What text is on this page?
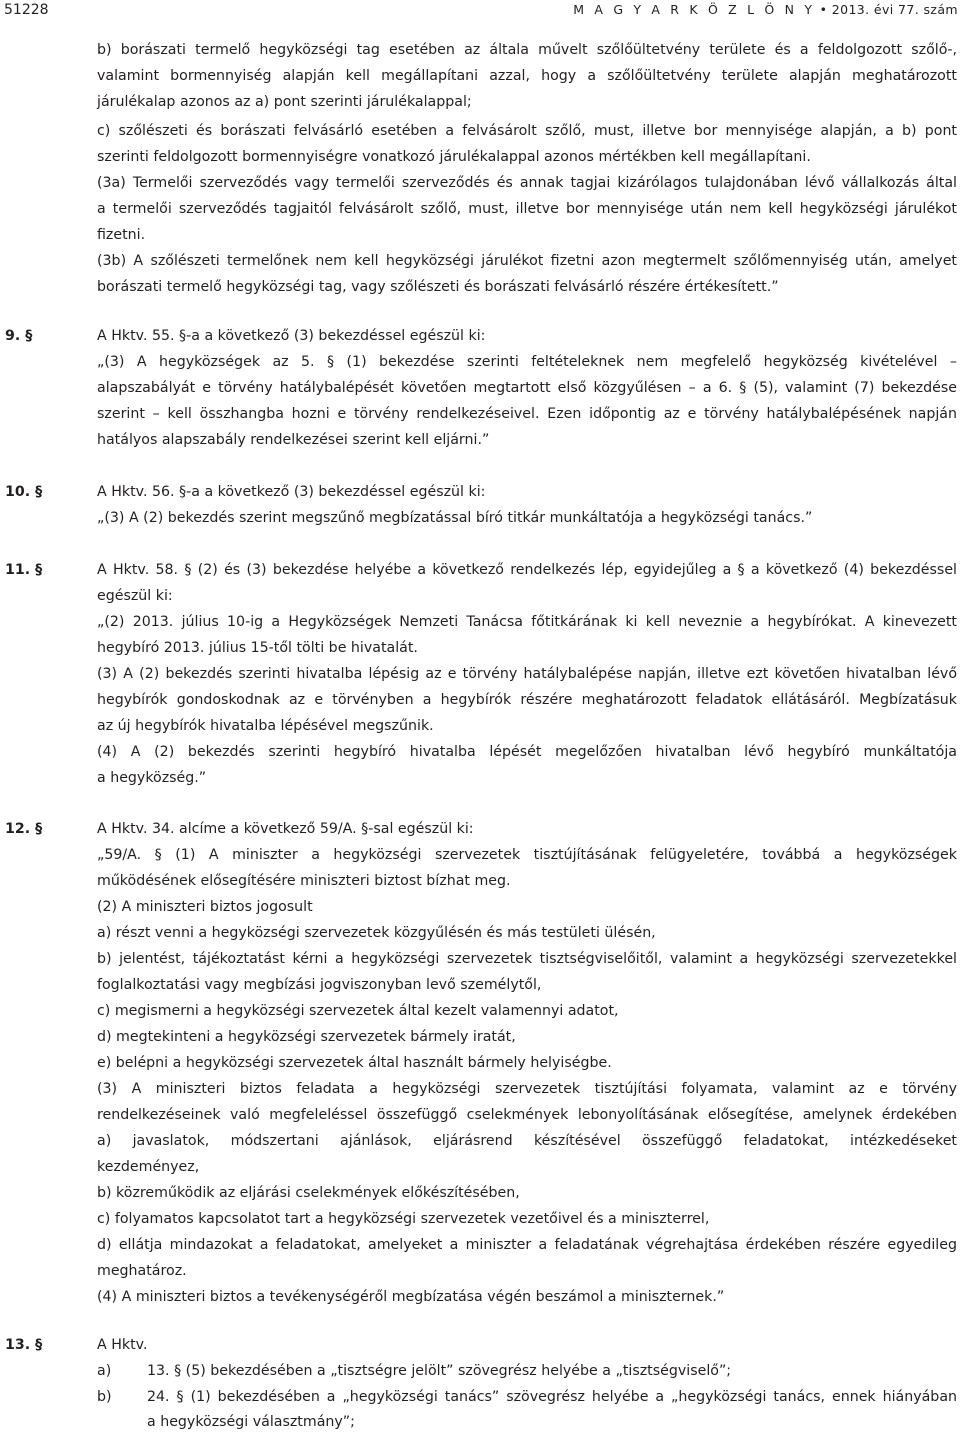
51228	M A G Y A R K Ö Z L Ö N Y • 2013. évi 77. szám

b) borászati termelő hegyközségi tag esetében az általa művelt szőlőültetvény területe és a feldolgozott szőlő-,

valamint bormennyiség alapján kell megállapítani azzal, hogy a szőlőültetvény területe alapján meghatározott

járulékalap azonos az a) pont szerinti járulékalappal;

c) szőlészeti és borászati felvásárló esetében a felvásárolt szőlő, must, illetve bor mennyisége alapján, a b) pont

szerinti feldolgozott bormennyiségre vonatkozó járulékalappal azonos mértékben kell megállapítani.

(3a) Termelői szerveződés vagy termelői szerveződés és annak tagjai kizárólagos tulajdonában lévő vállalkozás által

a termelői szerveződés tagjaitól felvásárolt szőlő, must, illetve bor mennyisége után nem kell hegyközségi járulékot

fizetni.

(3b) A szőlészeti termelőnek nem kell hegyközségi járulékot fizetni azon megtermelt szőlőmennyiség után, amelyet

borászati termelő hegyközségi tag, vagy szőlészeti és borászati felvásárló részére értékesített.”

9. §	A Hktv. 55. §-a a következő (3) bekezdéssel egészül ki:

„(3) A hegyközségek az 5. § (1) bekezdése szerinti feltételeknek nem megfelelő hegyközség kivételével –

alapszabályát e törvény hatálybalépését követően megtartott első közgyűlésen – a 6. § (5), valamint (7) bekezdése

szerint – kell összhangba hozni e törvény rendelkezéseivel. Ezen időpontig az e törvény hatálybalépésének napján

hatályos alapszabály rendelkezései szerint kell eljárni.”

10. §	A Hktv. 56. §-a a következő (3) bekezdéssel egészül ki:

„(3) A (2) bekezdés szerint megszűnő megbízatással bíró titkár munkáltatója a hegyközségi tanács.”

11. §	A Hktv. 58. § (2) és (3) bekezdése helyébe a következő rendelkezés lép, egyidejűleg a § a következő (4) bekezdéssel

egészül ki:

„(2) 2013. július 10-ig a Hegyközségek Nemzeti Tanácsa főtitkárának ki kell neveznie a hegybírókat. A kinevezett

hegybíró 2013. július 15-től tölti be hivatalát.

(3) A (2) bekezdés szerinti hivatalba lépésig az e törvény hatálybalépése napján, illetve ezt követően hivatalban lévő

hegybírók gondoskodnak az e törvényben a hegybírók részére meghatározott feladatok ellátásáról. Megbízatásuk

az új hegybírók hivatalba lépésével megszűnik.

(4) A (2) bekezdés szerinti hegybíró hivatalba lépését megelőzően hivatalban lévő hegybíró munkáltatója

a hegyközség.”

12. §	A Hktv. 34. alcíme a következő 59/A. §-sal egészül ki:

„59/A. § (1) A miniszter a hegyközségi szervezetek tisztújításának felügyeletére, továbbá a hegyközségek

működésének elősegítésére miniszteri biztost bízhat meg.

(2) A miniszteri biztos jogosult

a) részt venni a hegyközségi szervezetek közgyűlésén és más testületi ülésén,

b) jelentést, tájékoztatást kérni a hegyközségi szervezetek tisztségviselőitől, valamint a hegyközségi szervezetekkel

foglalkoztatási vagy megbízási jogviszonyban levő személytől,

c) megismerni a hegyközségi szervezetek által kezelt valamennyi adatot,

d) megtekinteni a hegyközségi szervezetek bármely iratát,

e) belépni a hegyközségi szervezetek által használt bármely helyiségbe.

(3) A miniszteri biztos feladata a hegyközségi szervezetek tisztújítási folyamata, valamint az e törvény

rendelkezéseinek való megfeleléssel összefüggő cselekmények lebonyolításának elősegítése, amelynek érdekében

a) javaslatok, módszertani ajánlások, eljárásrend készítésével összefüggő feladatokat, intézkedéseket

kezdeményez,

b) közreműködik az eljárási cselekmények előkészítésében,

c) folyamatos kapcsolatot tart a hegyközségi szervezetek vezetőivel és a miniszterrel,

d) ellátja mindazokat a feladatokat, amelyeket a miniszter a feladatának végrehajtása érdekében részére egyedileg

meghatároz.

(4) A miniszteri biztos a tevékenységéről megbízatása végén beszámol a miniszternek.”

13. §	A Hktv.

a)	13. § (5) bekezdésében a „tisztségre jelölt” szövegrész helyébe a „tisztségviselő”;
b) 24. § (1) bekezdésében a „hegyközségi tanács” szövegrész helyébe a „hegyközségi tanács, ennek hiányában
a hegyközségi választmány”;
